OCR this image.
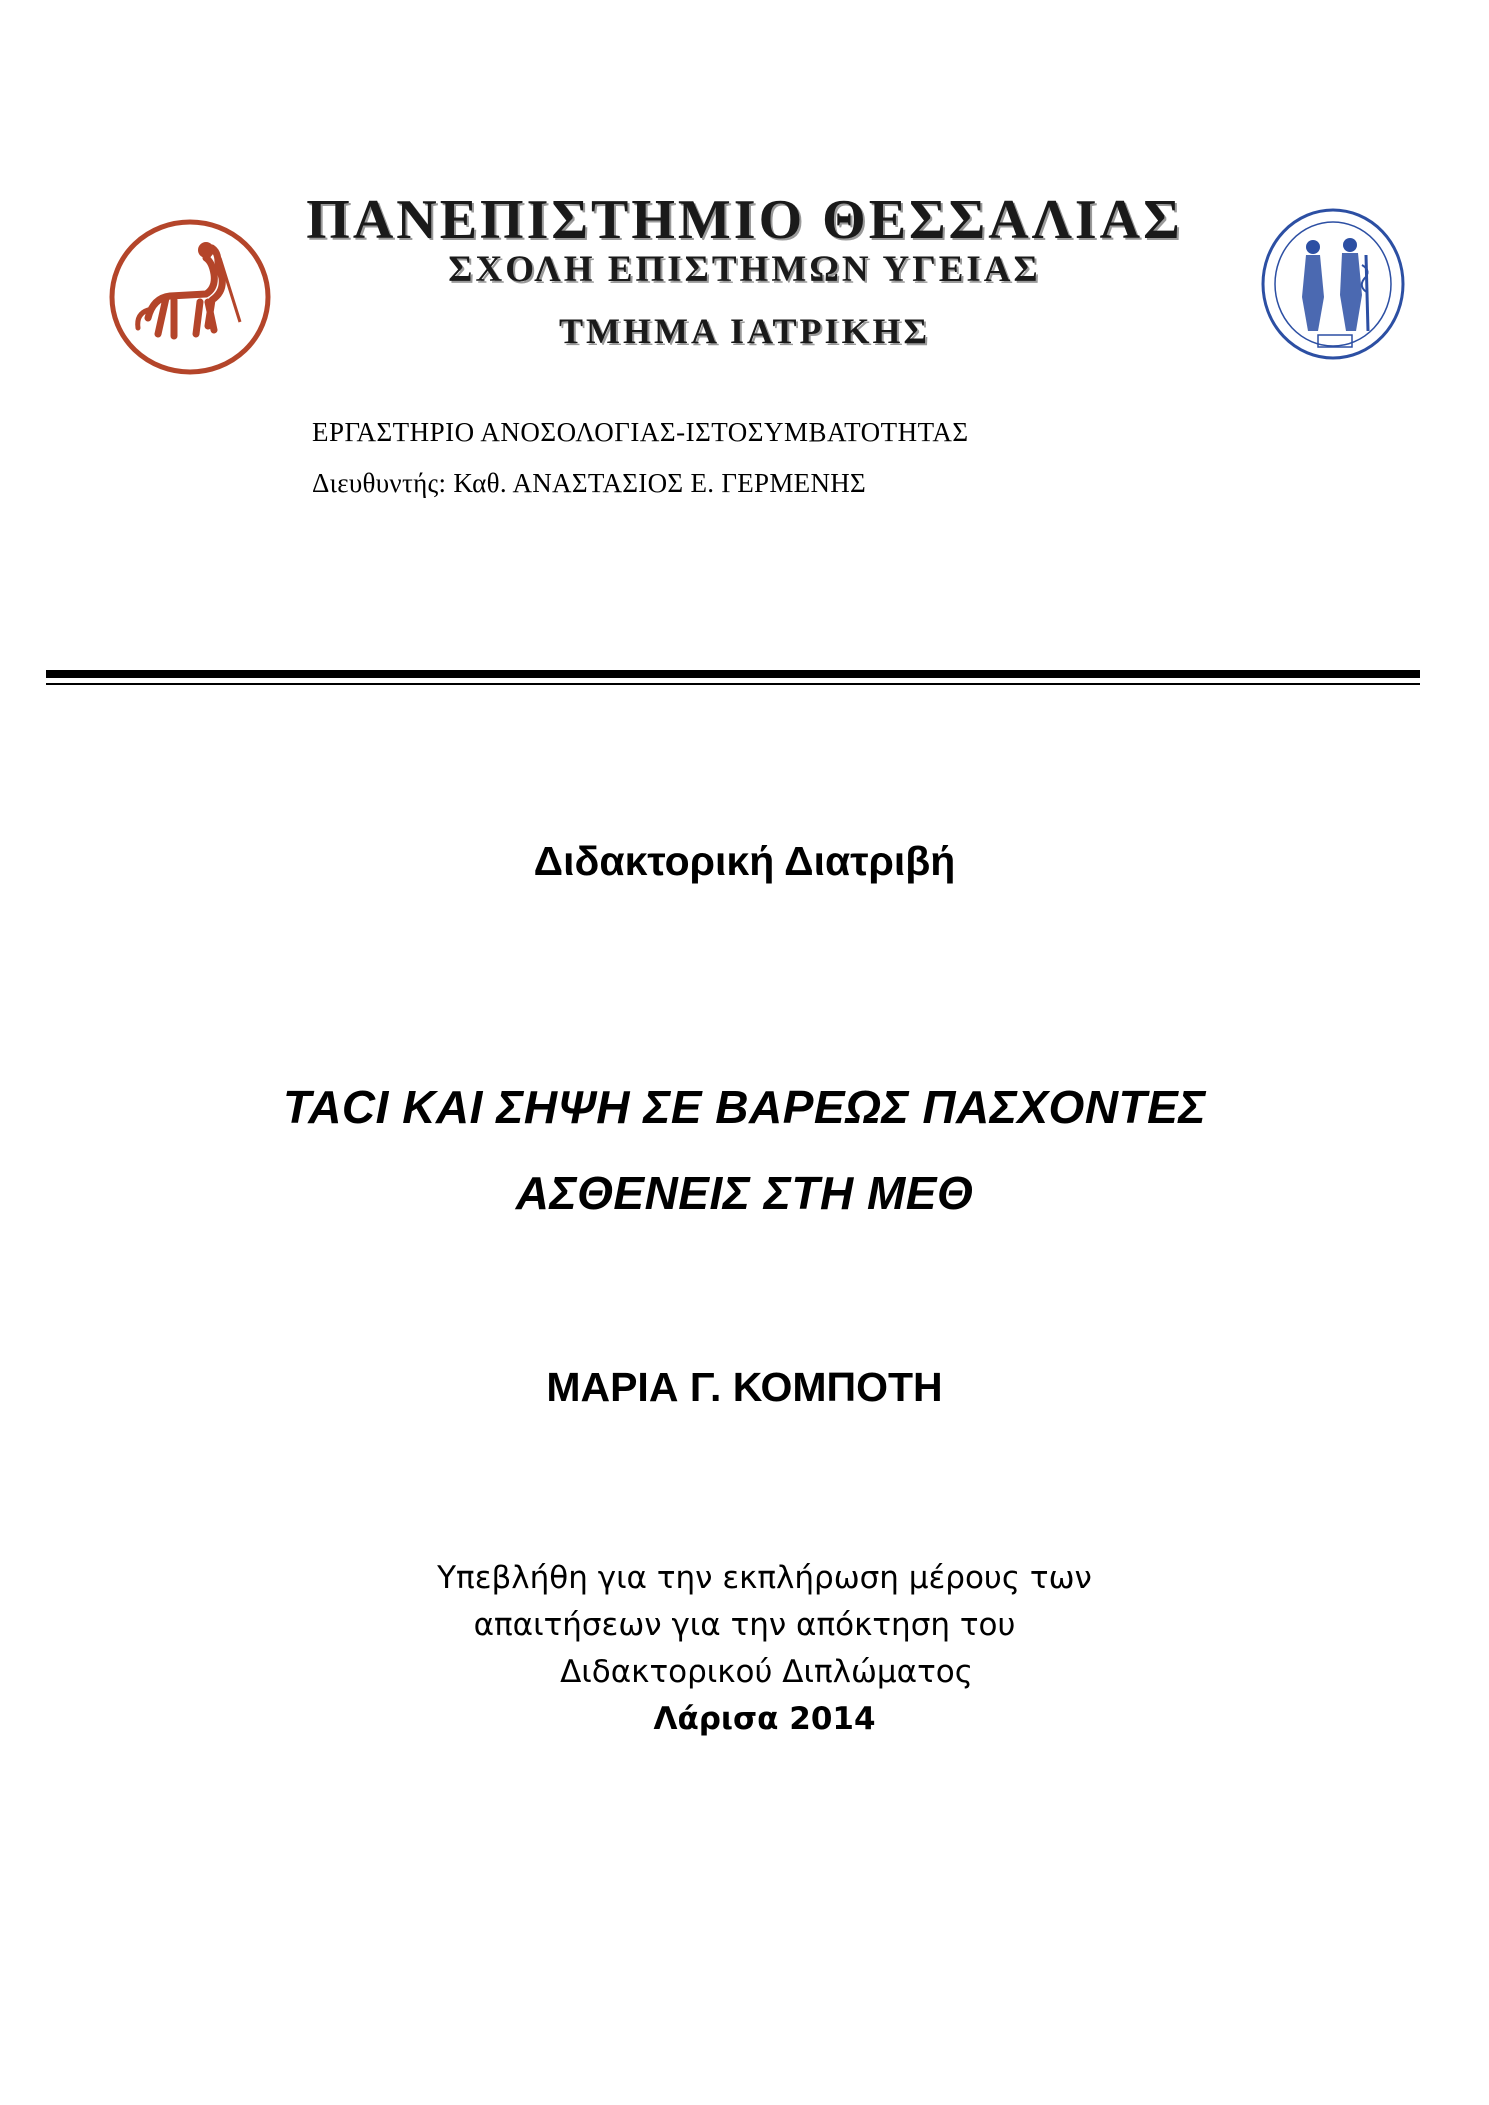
ΠΑΝΕΠΙΣΤΗΜΙΟ ΘΕΣΣΑΛΙΑΣ
ΣΧΟΛΗ ΕΠΙΣΤΗΜΩΝ ΥΓΕΙΑΣ
ΤΜΗΜΑ ΙΑΤΡΙΚΗΣ
ΕΡΓΑΣΤΗΡΙΟ ΑΝΟΣΟΛΟΓΙΑΣ-ΙΣΤΟΣΥΜΒΑΤΟΤΗΤΑΣ
Διευθυντής: Καθ. ΑΝΑΣΤΑΣΙΟΣ Ε. ΓΕΡΜΕΝΗΣ
Διδακτορική Διατριβή
TACI ΚΑΙ ΣΗΨΗ ΣΕ ΒΑΡΕΩΣ ΠΑΣΧΟΝΤΕΣ
ΑΣΘΕΝΕΙΣ ΣΤΗ ΜΕΘ
ΜΑΡΙΑ Γ. ΚΟΜΠΟΤΗ
Υπεβλήθη για την εκπλήρωση μέρους των
απαιτήσεων για την απόκτηση του
Διδακτορικού Διπλώματος
Λάρισα 2014
